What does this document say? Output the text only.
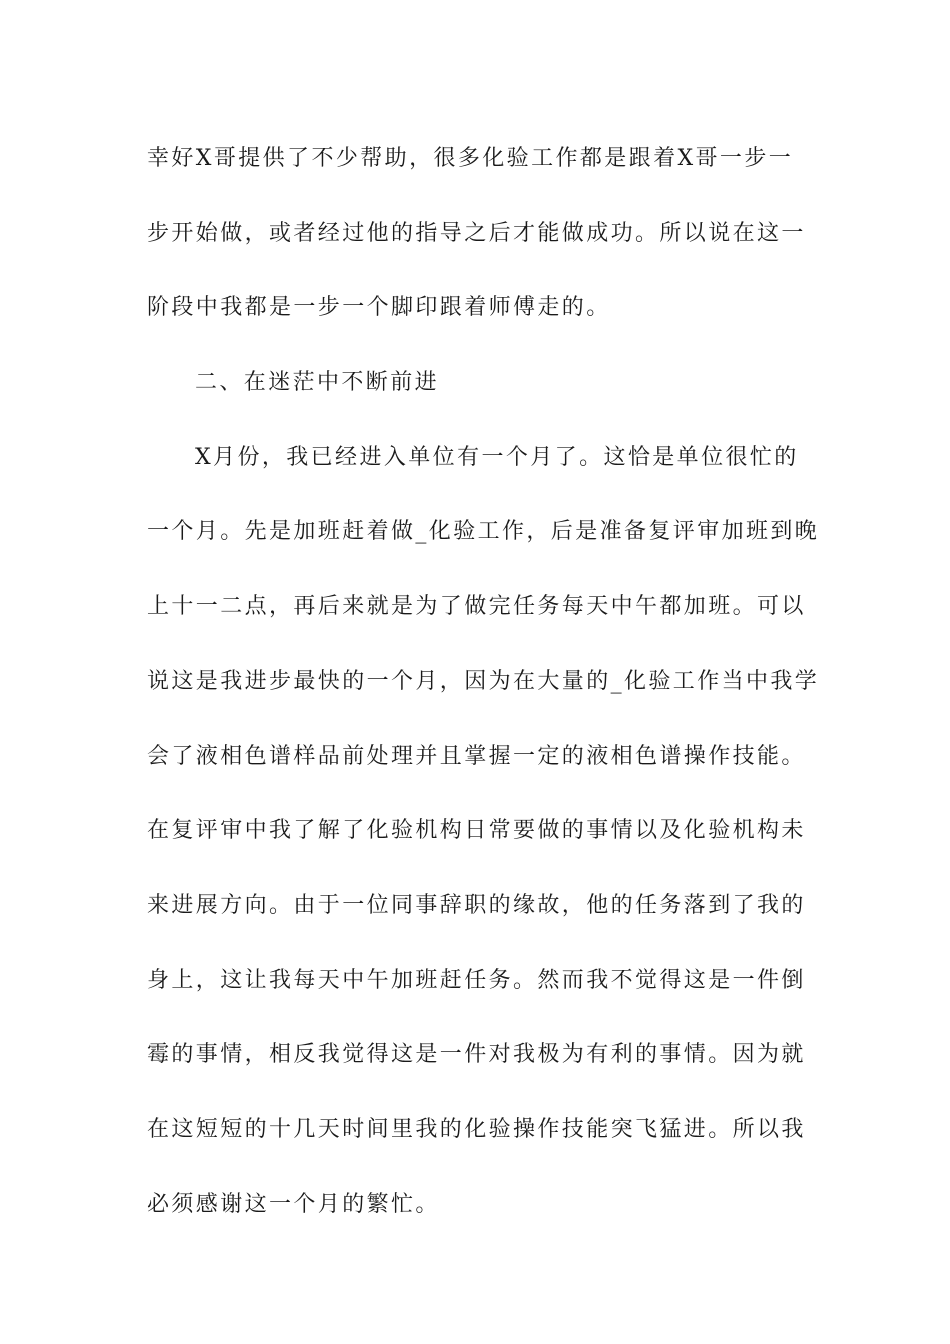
幸好X哥提供了不少帮助，很多化验工作都是跟着X哥一步一
步开始做，或者经过他的指导之后才能做成功。所以说在这一
阶段中我都是一步一个脚印跟着师傅走的。
二、在迷茫中不断前进
X月份，我已经进入单位有一个月了。这恰是单位很忙的
一个月。先是加班赶着做_化验工作，后是准备复评审加班到晚
上十一二点，再后来就是为了做完任务每天中午都加班。可以
说这是我进步最快的一个月，因为在大量的_化验工作当中我学
会了液相色谱样品前处理并且掌握一定的液相色谱操作技能。
在复评审中我了解了化验机构日常要做的事情以及化验机构未
来进展方向。由于一位同事辞职的缘故，他的任务落到了我的
身上，这让我每天中午加班赶任务。然而我不觉得这是一件倒
霉的事情，相反我觉得这是一件对我极为有利的事情。因为就
在这短短的十几天时间里我的化验操作技能突飞猛进。所以我
必须感谢这一个月的繁忙。
